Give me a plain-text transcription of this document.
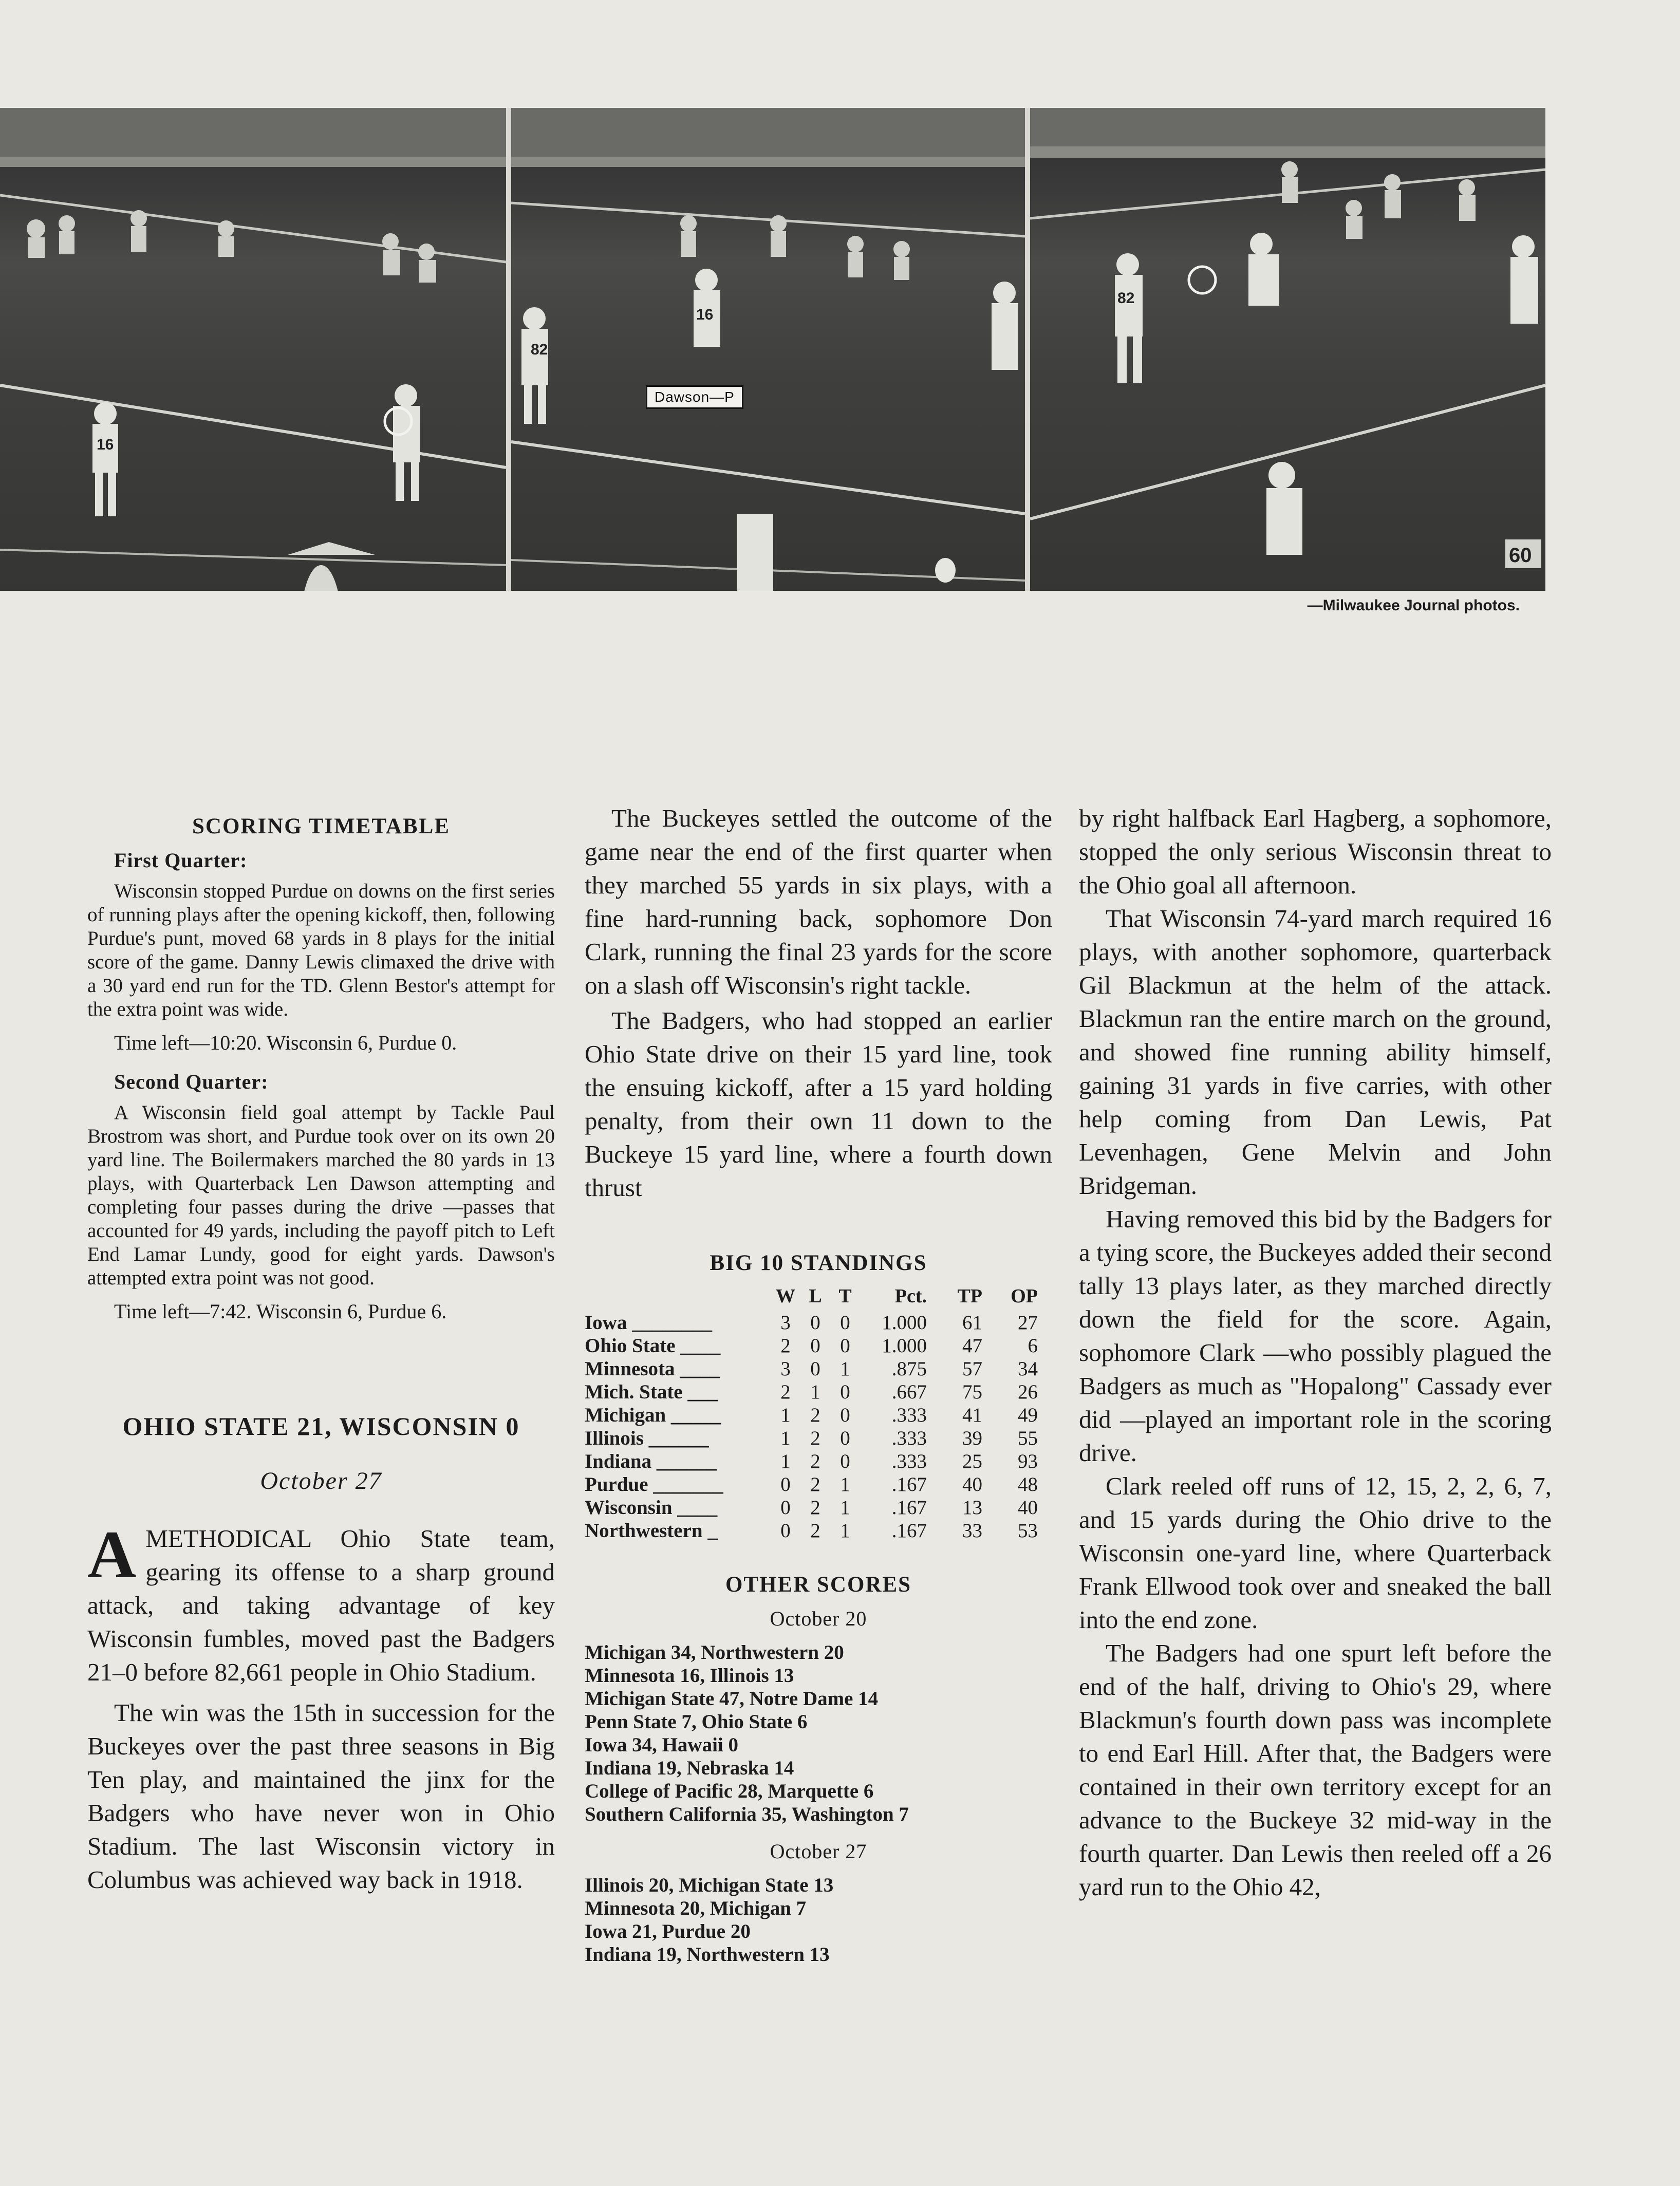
16
82
16
Dawson—P
82
60
—Milwaukee Journal photos.
SCORING TIMETABLE
First Quarter:

Wisconsin stopped Purdue on downs on the first series of running plays after the opening kickoff, then, following Purdue's punt, moved 68 yards in 8 plays for the initial score of the game. Danny Lewis climaxed the drive with a 30 yard end run for the TD. Glenn Bestor's attempt for the extra point was wide.

Time left—10:20. Wisconsin 6, Purdue 0.

Second Quarter:

A Wisconsin field goal attempt by Tackle Paul Brostrom was short, and Purdue took over on its own 20 yard line. The Boilermakers marched the 80 yards in 13 plays, with Quarterback Len Dawson attempting and completing four passes during the drive —passes that accounted for 49 yards, including the payoff pitch to Left End Lamar Lundy, good for eight yards. Dawson's attempted extra point was not good.

Time left—7:42. Wisconsin 6, Purdue 6.

OHIO STATE 21, WISCONSIN 0
October 27

AMETHODICAL Ohio State team, gearing its offense to a sharp ground attack, and taking advantage of key Wisconsin fumbles, moved past the Badgers 21–0 before 82,661 people in Ohio Stadium.

The win was the 15th in succession for the Buckeyes over the past three seasons in Big Ten play, and maintained the jinx for the Badgers who have never won in Ohio Stadium. The last Wisconsin victory in Columbus was achieved way back in 1918.

The Buckeyes settled the outcome of the game near the end of the first quarter when they marched 55 yards in six plays, with a fine hard-running back, sophomore Don Clark, running the final 23 yards for the score on a slash off Wisconsin's right tackle.

The Badgers, who had stopped an earlier Ohio State drive on their 15 yard line, took the ensuing kickoff, after a 15 yard holding penalty, from their own 11 down to the Buckeye 15 yard line, where a fourth down thrust

BIG 10 STANDINGS
	W	L	T	Pct.	TP	OP
Iowa ________	3	0	0	1.000	61	27
Ohio State ____	2	0	0	1.000	47	6
Minnesota ____	3	0	1	.875	57	34
Mich. State ___	2	1	0	.667	75	26
Michigan _____	1	2	0	.333	41	49
Illinois ______	1	2	0	.333	39	55
Indiana ______	1	2	0	.333	25	93
Purdue _______	0	2	1	.167	40	48
Wisconsin ____	0	2	1	.167	13	40
Northwestern _	0	2	1	.167	33	53
OTHER SCORES
October 20
Michigan 34, Northwestern 20
Minnesota 16, Illinois 13
Michigan State 47, Notre Dame 14
Penn State 7, Ohio State 6
Iowa 34, Hawaii 0
Indiana 19, Nebraska 14
College of Pacific 28, Marquette 6
Southern California 35, Washington 7
October 27
Illinois 20, Michigan State 13
Minnesota 20, Michigan 7
Iowa 21, Purdue 20
Indiana 19, Northwestern 13

by right halfback Earl Hagberg, a sophomore, stopped the only serious Wisconsin threat to the Ohio goal all afternoon.

That Wisconsin 74-yard march required 16 plays, with another sophomore, quarterback Gil Blackmun at the helm of the attack. Blackmun ran the entire march on the ground, and showed fine running ability himself, gaining 31 yards in five carries, with other help coming from Dan Lewis, Pat Levenhagen, Gene Melvin and John Bridgeman.

Having removed this bid by the Badgers for a tying score, the Buckeyes added their second tally 13 plays later, as they marched directly down the field for the score. Again, sophomore Clark —who possibly plagued the Badgers as much as "Hopalong" Cassady ever did —played an important role in the scoring drive.

Clark reeled off runs of 12, 15, 2, 2, 6, 7, and 15 yards during the Ohio drive to the Wisconsin one-yard line, where Quarterback Frank Ellwood took over and sneaked the ball into the end zone.

The Badgers had one spurt left before the end of the half, driving to Ohio's 29, where Blackmun's fourth down pass was incomplete to end Earl Hill. After that, the Badgers were contained in their own territory except for an advance to the Buckeye 32 mid-way in the fourth quarter. Dan Lewis then reeled off a 26 yard run to the Ohio 42,
